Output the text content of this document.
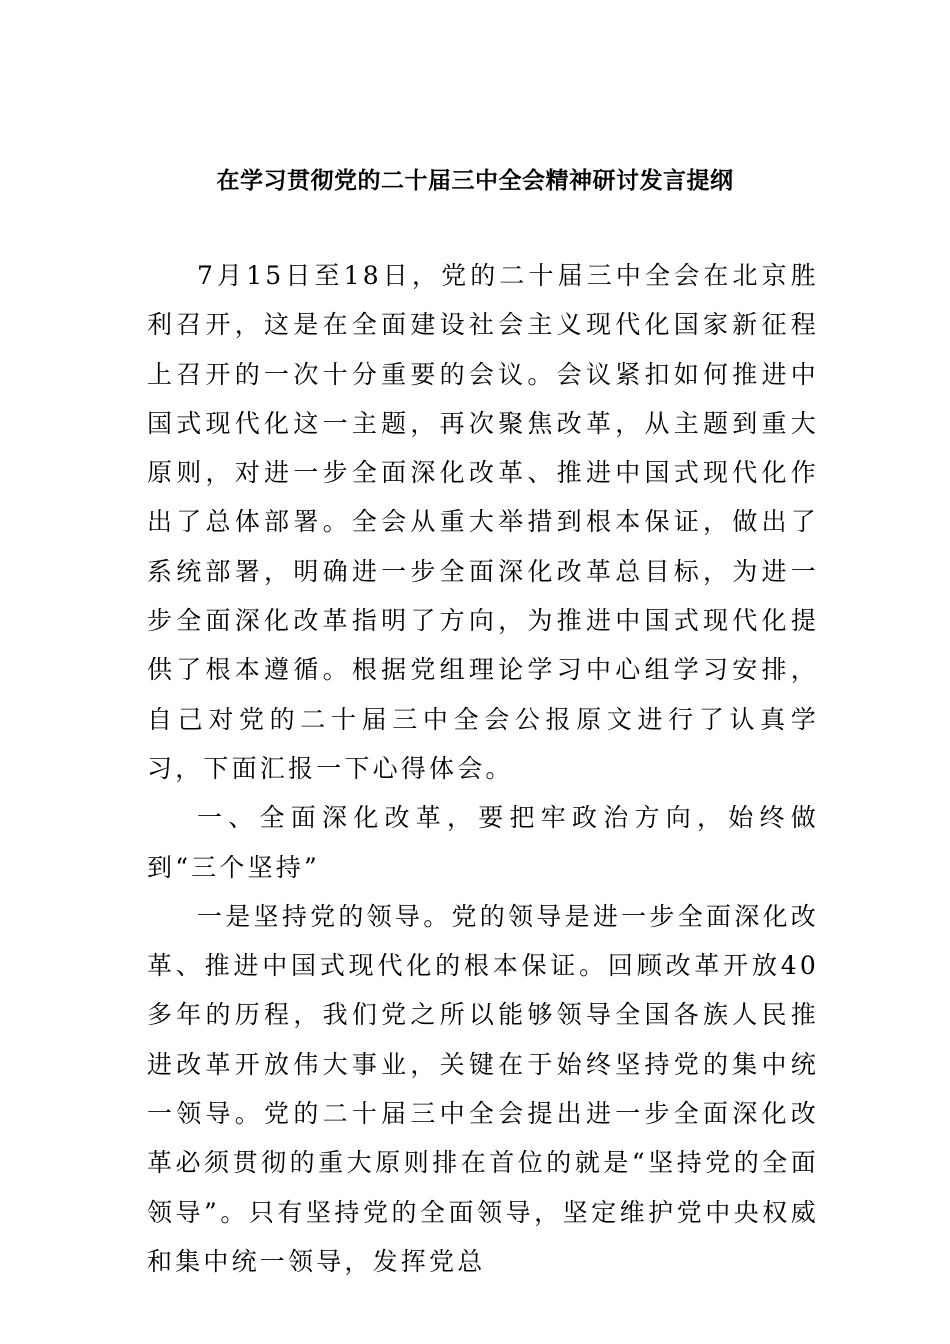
在学习贯彻党的二十届三中全会精神研讨发言提纲

7月15日至18日，党的二十届三中全会在北京胜利召开，这是在全面建设社会主义现代化国家新征程上召开的一次十分重要的会议。会议紧扣如何推进中国式现代化这一主题，再次聚焦改革，从主题到重大原则，对进一步全面深化改革、推进中国式现代化作出了总体部署。全会从重大举措到根本保证，做出了系统部署，明确进一步全面深化改革总目标，为进一步全面深化改革指明了方向，为推进中国式现代化提供了根本遵循。根据党组理论学习中心组学习安排，自己对党的二十届三中全会公报原文进行了认真学习，下面汇报一下心得体会。

一、全面深化改革，要把牢政治方向，始终做到“三个坚持”

一是坚持党的领导。党的领导是进一步全面深化改革、推进中国式现代化的根本保证。回顾改革开放40多年的历程，我们党之所以能够领导全国各族人民推进改革开放伟大事业，关键在于始终坚持党的集中统一领导。党的二十届三中全会提出进一步全面深化改革必须贯彻的重大原则排在首位的就是“坚持党的全面领导”。只有坚持党的全面领导，坚定维护党中央权威和集中统一领导，发挥党总
